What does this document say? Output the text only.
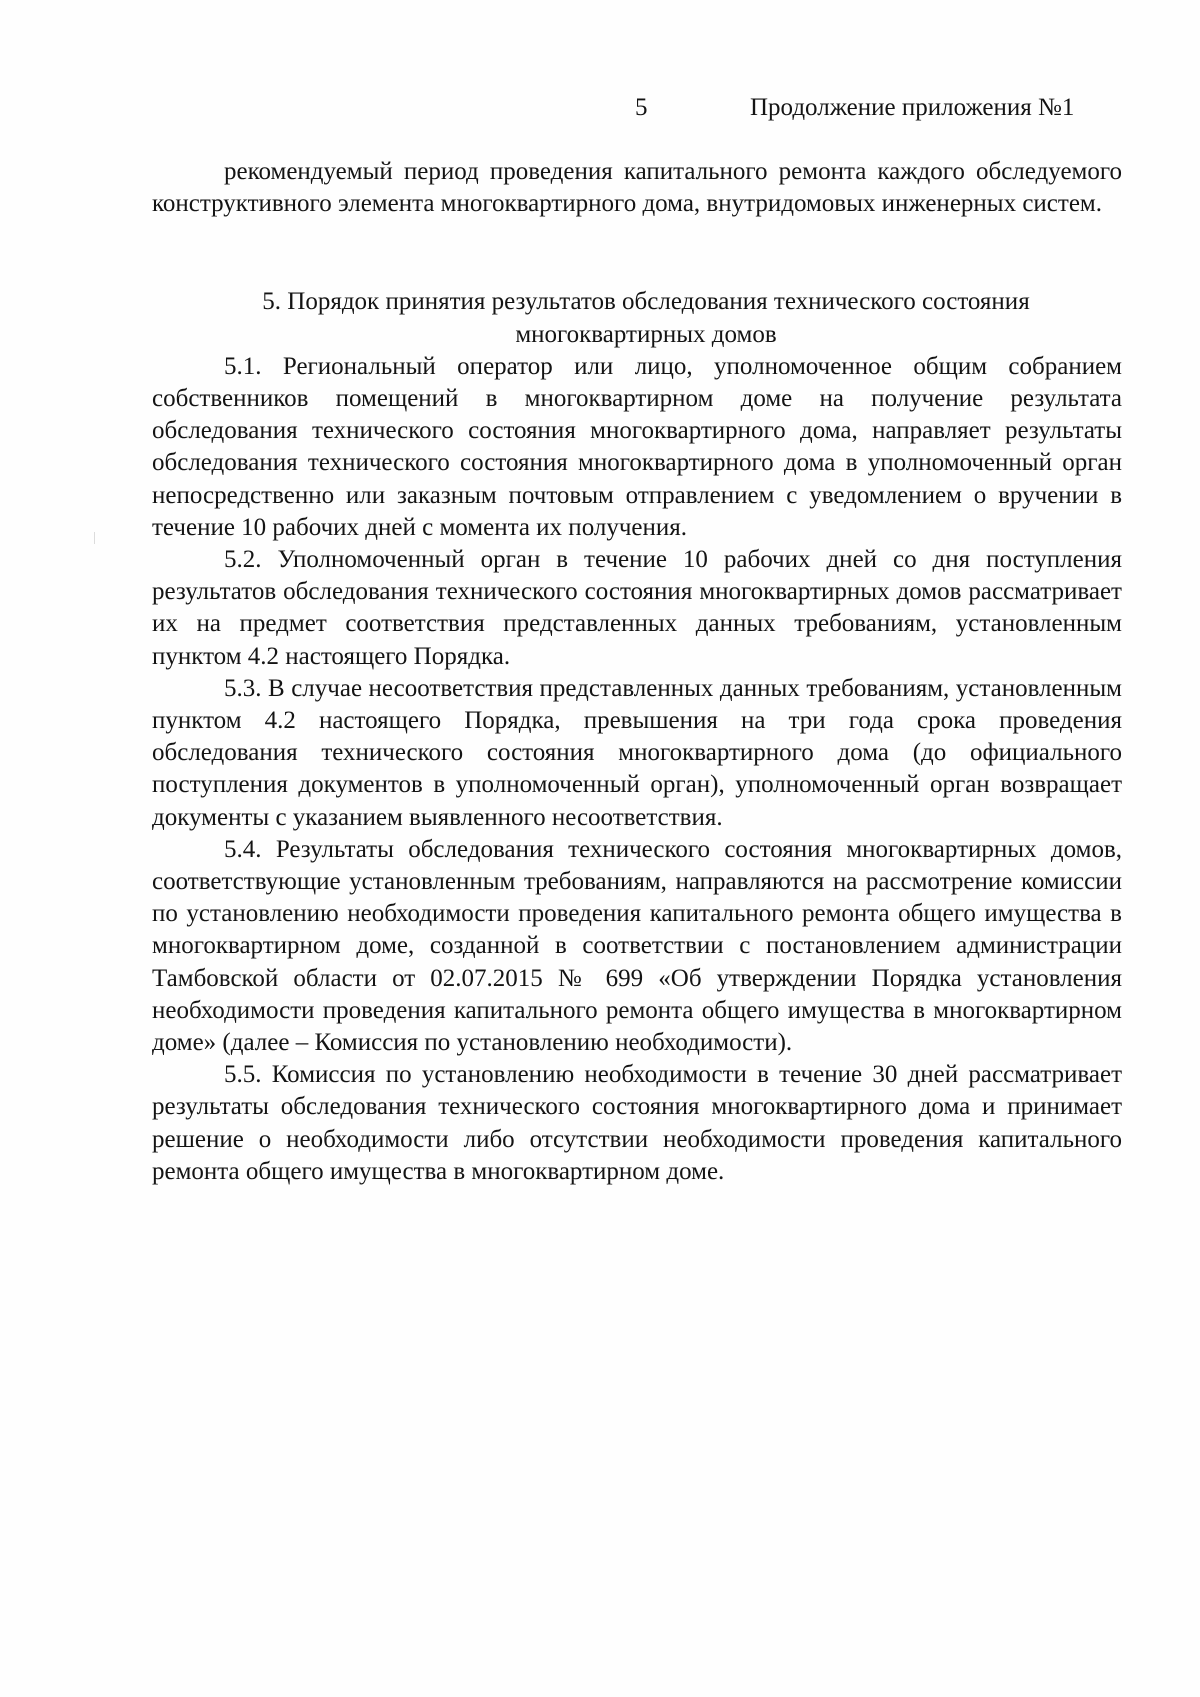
5	Продолжение приложения №1

рекомендуемый период проведения капитального ремонта каждого обследуемого конструктивного элемента многоквартирного дома, внутридомовых инженерных систем.

5. Порядок принятия результатов обследования технического состояния
многоквартирных домов

5.1. Региональный оператор или лицо, уполномоченное общим собранием собственников помещений в многоквартирном доме на получение результата обследования технического состояния многоквартирного дома, направляет результаты обследования технического состояния многоквартирного дома в уполномоченный орган непосредственно или заказным почтовым отправлением с уведомлением о вручении в течение 10 рабочих дней с момента их получения.

5.2. Уполномоченный орган в течение 10 рабочих дней со дня поступления результатов обследования технического состояния многоквартирных домов рассматривает их на предмет соответствия представленных данных требованиям, установленным пунктом 4.2 настоящего Порядка.

5.3. В случае несоответствия представленных данных требованиям, установленным пунктом 4.2 настоящего Порядка, превышения на три года срока проведения обследования технического состояния многоквартирного дома (до официального поступления документов в уполномоченный орган), уполномоченный орган возвращает документы с указанием выявленного несоответствия.

5.4. Результаты обследования технического состояния многоквартирных домов, соответствующие установленным требованиям, направляются на рассмотрение комиссии по установлению необходимости проведения капитального ремонта общего имущества в многоквартирном доме, созданной в соответствии с постановлением администрации Тамбовской области от 02.07.2015 № 699 «Об утверждении Порядка установления необходимости проведения капитального ремонта общего имущества в многоквартирном доме» (далее – Комиссия по установлению необходимости).

5.5. Комиссия по установлению необходимости в течение 30 дней рассматривает результаты обследования технического состояния многоквартирного дома и принимает решение о необходимости либо отсутствии необходимости проведения капитального ремонта общего имущества в многоквартирном доме.
